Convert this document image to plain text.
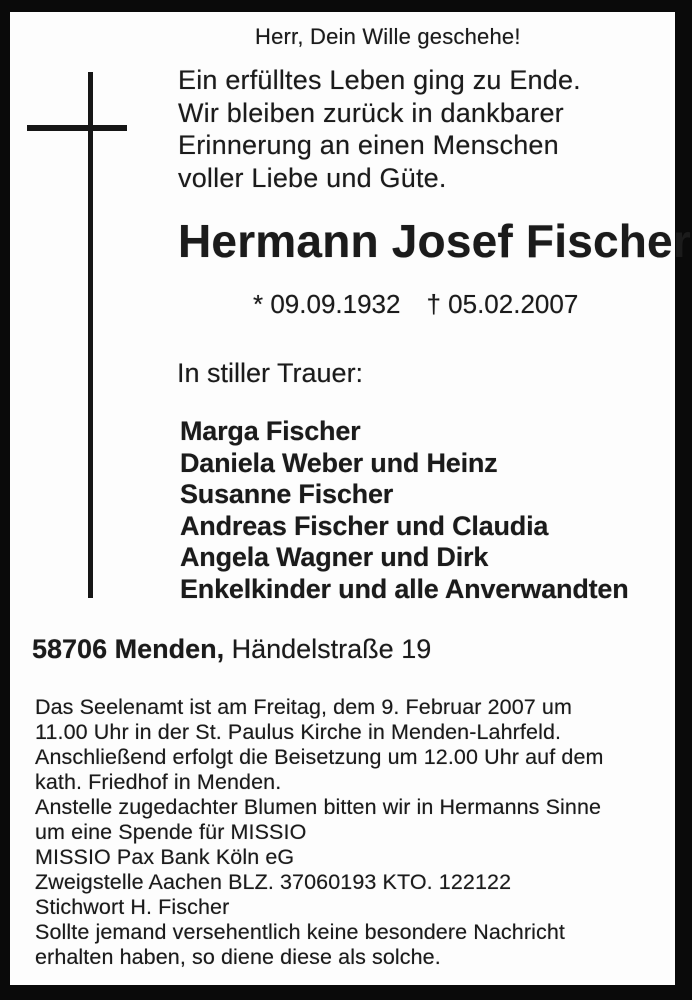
Herr, Dein Wille geschehe!
Ein erfülltes Leben ging zu Ende.
Wir bleiben zurück in dankbarer
Erinnerung an einen Menschen
voller Liebe und Güte.
Hermann Josef Fischer
* 09.09.1932 † 05.02.2007
In stiller Trauer:
Marga Fischer
Daniela Weber und Heinz
Susanne Fischer
Andreas Fischer und Claudia
Angela Wagner und Dirk
Enkelkinder und alle Anverwandten
58706 Menden, Händelstraße 19
Das Seelenamt ist am Freitag, dem 9. Februar 2007 um
11.00 Uhr in der St. Paulus Kirche in Menden-Lahrfeld.
Anschließend erfolgt die Beisetzung um 12.00 Uhr auf dem
kath. Friedhof in Menden.
Anstelle zugedachter Blumen bitten wir in Hermanns Sinne
um eine Spende für MISSIO
MISSIO Pax Bank Köln eG
Zweigstelle Aachen BLZ. 37060193 KTO. 122122
Stichwort H. Fischer
Sollte jemand versehentlich keine besondere Nachricht
erhalten haben, so diene diese als solche.
